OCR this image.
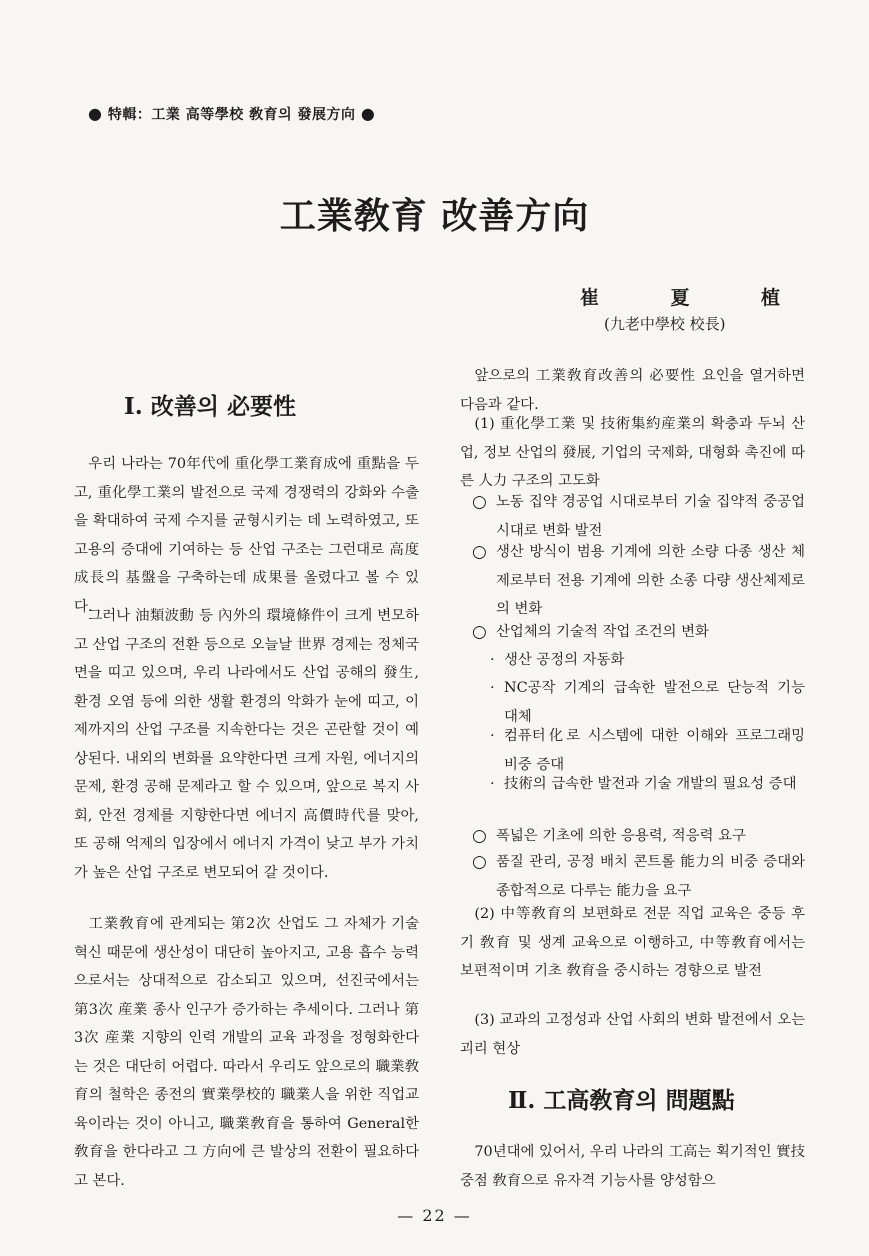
● 特輯：工業 高等學校 敎育의 發展方向 ●
工業敎育 改善方向
崔	夏	植
(九老中學校 校長)
Ⅰ. 改善의 必要性
우리 나라는 70年代에 重化學工業育成에 重點을 두고, 重化學工業의 발전으로 국제 경쟁력의 강화와 수출을 확대하여 국제 수지를 균형시키는 데 노력하였고, 또 고용의 증대에 기여하는 등 산업 구조는 그런대로 高度成長의 基盤을 구축하는데 成果를 올렸다고 볼 수 있다.
그러나 油類波動 등 內外의 環境條件이 크게 변모하고 산업 구조의 전환 등으로 오늘날 世界 경제는 정체국면을 띠고 있으며, 우리 나라에서도 산업 공해의 發生, 환경 오염 등에 의한 생활 환경의 악화가 눈에 띠고, 이제까지의 산업 구조를 지속한다는 것은 곤란할 것이 예상된다. 내외의 변화를 요약한다면 크게 자원, 에너지의 문제, 환경 공해 문제라고 할 수 있으며, 앞으로 복지 사회, 안전 경제를 지향한다면 에너지 高價時代를 맞아, 또 공해 억제의 입장에서 에너지 가격이 낮고 부가 가치가 높은 산업 구조로 변모되어 갈 것이다.
工業敎育에 관계되는 第2次 산업도 그 자체가 기술 혁신 때문에 생산성이 대단히 높아지고, 고용 흡수 능력으로서는 상대적으로 감소되고 있으며, 선진국에서는 第3次 産業 종사 인구가 증가하는 추세이다. 그러나 第3次 産業 지향의 인력 개발의 교육 과정을 정형화한다는 것은 대단히 어렵다. 따라서 우리도 앞으로의 職業敎育의 철학은 종전의 實業學校的 職業人을 위한 직업교육이라는 것이 아니고, 職業敎育을 통하여 General한 敎育을 한다라고 그 方向에 큰 발상의 전환이 필요하다고 본다.
앞으로의 工業敎育改善의 必要性 요인을 열거하면 다음과 같다.
(1) 重化學工業 및 技術集約産業의 확충과 두뇌 산업, 정보 산업의 發展, 기업의 국제화, 대형화 촉진에 따른 人力 구조의 고도화
○ 노동 집약 경공업 시대로부터 기술 집약적 중공업 시대로 변화 발전
○ 생산 방식이 범용 기계에 의한 소량 다종 생산 체제로부터 전용 기계에 의한 소종 다량 생산체제로의 변화
○ 산업체의 기술적 작업 조건의 변화
· 생산 공정의 자동화
· NC공작 기계의 급속한 발전으로 단능적 기능 대체
· 컴퓨터化로 시스템에 대한 이해와 프로그래밍 비중 증대
· 技術의 급속한 발전과 기술 개발의 필요성 증대
○ 폭넓은 기초에 의한 응용력, 적응력 요구
○ 품질 관리, 공정 배치 콘트롤 能力의 비중 증대와 종합적으로 다루는 能力을 요구
(2) 中等敎育의 보편화로 전문 직업 교육은 중등 후기 敎育 및 생계 교육으로 이행하고, 中等敎育에서는 보편적이며 기초 敎育을 중시하는 경향으로 발전
(3) 교과의 고정성과 산업 사회의 변화 발전에서 오는 괴리 현상
Ⅱ. 工高敎育의 問題點
70년대에 있어서, 우리 나라의 工高는 획기적인 實技 중점 敎育으로 유자격 기능사를 양성함으
— 22 —
